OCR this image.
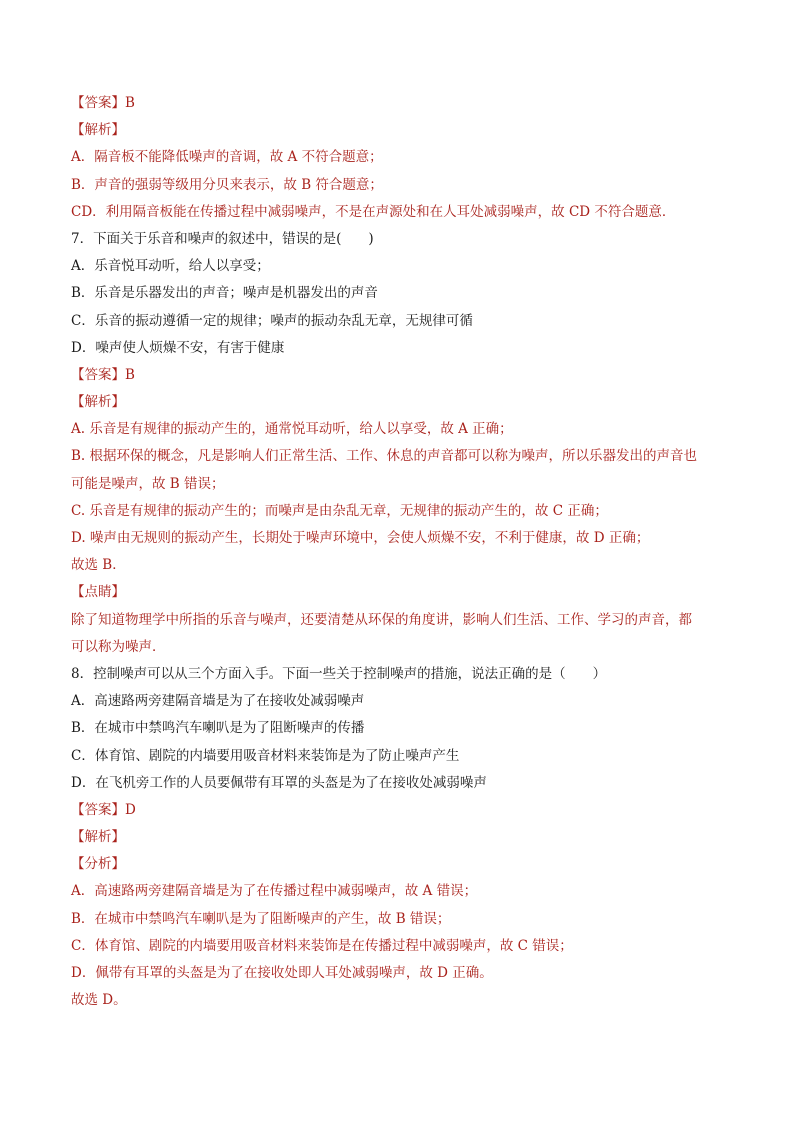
【答案】B
【解析】
A．隔音板不能降低噪声的音调，故 A 不符合题意；
B．声音的强弱等级用分贝来表示，故 B 符合题意；
CD．利用隔音板能在传播过程中减弱噪声，不是在声源处和在人耳处减弱噪声，故 CD 不符合题意．
7．下面关于乐音和噪声的叙述中，错误的是(　　)
A．乐音悦耳动听，给人以享受；
B．乐音是乐器发出的声音；噪声是机器发出的声音
C．乐音的振动遵循一定的规律；噪声的振动杂乱无章，无规律可循
D．噪声使人烦燥不安，有害于健康
【答案】B
【解析】
A. 乐音是有规律的振动产生的，通常悦耳动听，给人以享受，故 A 正确；
B. 根据环保的概念，凡是影响人们正常生活、工作、休息的声音都可以称为噪声，所以乐器发出的声音也
可能是噪声，故 B 错误；
C. 乐音是有规律的振动产生的；而噪声是由杂乱无章，无规律的振动产生的，故 C 正确；
D. 噪声由无规则的振动产生，长期处于噪声环境中，会使人烦燥不安，不利于健康，故 D 正确；
故选 B．
【点睛】
除了知道物理学中所指的乐音与噪声，还要清楚从环保的角度讲，影响人们生活、工作、学习的声音，都
可以称为噪声．
8．控制噪声可以从三个方面入手。下面一些关于控制噪声的措施，说法正确的是（　　）
A．高速路两旁建隔音墙是为了在接收处减弱噪声
B．在城市中禁鸣汽车喇叭是为了阻断噪声的传播
C．体育馆、剧院的内墙要用吸音材料来装饰是为了防止噪声产生
D．在飞机旁工作的人员要佩带有耳罩的头盔是为了在接收处减弱噪声
【答案】D
【解析】
【分析】
A．高速路两旁建隔音墙是为了在传播过程中减弱噪声，故 A 错误；
B．在城市中禁鸣汽车喇叭是为了阻断噪声的产生，故 B 错误；
C．体育馆、剧院的内墙要用吸音材料来装饰是在传播过程中减弱噪声，故 C 错误；
D．佩带有耳罩的头盔是为了在接收处即人耳处减弱噪声，故 D 正确。
故选 D。
